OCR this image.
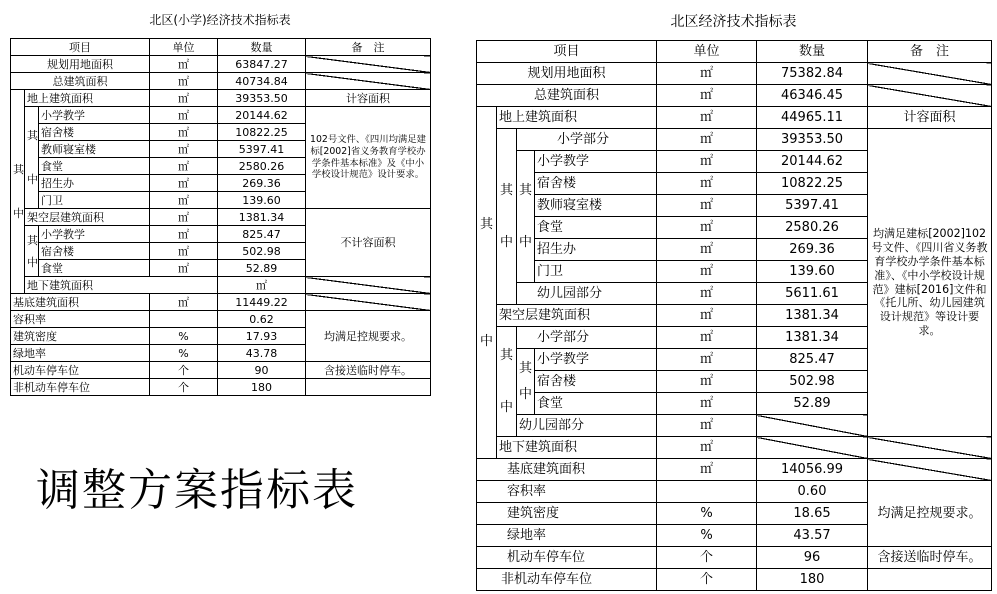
北区(小学)经济技术指标表
项目			单位	数量	备　注	
规划用地面积			㎡	63847.27		
总建筑面积			㎡	40734.84		
其

中	地上建筑面积		㎡	39353.50	计容面积	
	其

中	小学教学	㎡	20144.62	102号文件、《四川均满足建标[2002]省义务教育学校办学条件基本标准》及《中小学校设计规范》设计要求。	
		宿舍楼	㎡	10822.25		
		教师寝室楼	㎡	5397.41		
		食堂	㎡	2580.26		
		招生办	㎡	269.36		
		门卫	㎡	139.60		
	架空层建筑面积		㎡	1381.34	不计容面积	
	其

中	小学教学	㎡	825.47		
		宿舍楼	㎡	502.98		
		食堂	㎡	52.89		
	地下建筑面积			㎡		
基底建筑面积			㎡	11449.22		
容积率				0.62	均满足控规要求。	
建筑密度			%	17.93		
绿地率			%	43.78		
机动车停车位			个	90	含接送临时停车。	
非机动车停车位			个	180		
调整方案指标表
北区经济技术指标表
项目				单位	数量	备　注
规划用地面积				㎡	75382.84	
总建筑面积				㎡	46346.45	
其

中	地上建筑面积			㎡	44965.11	计容面积
	其

中	小学部分		㎡	39353.50	均满足建标[2002]102号文件、《四川省义务教育学校办学条件基本标准》、《中小学校设计规范》建标[2016]文件和《托儿所、幼儿园建筑设计规范》等设计要求。
		其

中	小学教学	㎡	20144.62	
			宿舍楼	㎡	10822.25	
			教师寝室楼	㎡	5397.41	
			食堂	㎡	2580.26	
			招生办	㎡	269.36	
			门卫	㎡	139.60	
		幼儿园部分		㎡	5611.61	
	架空层建筑面积			㎡	1381.34	
	其

中	小学部分		㎡	1381.34	
		其

中	小学教学	㎡	825.47	
			宿舍楼	㎡	502.98	
			食堂	㎡	52.89	
		幼儿园部分		㎡		
	地下建筑面积			㎡		
基底建筑面积				㎡	14056.99	
容积率					0.60	均满足控规要求。
建筑密度				%	18.65	
绿地率				%	43.57	
机动车停车位				个	96	含接送临时停车。
非机动车停车位				个	180	
